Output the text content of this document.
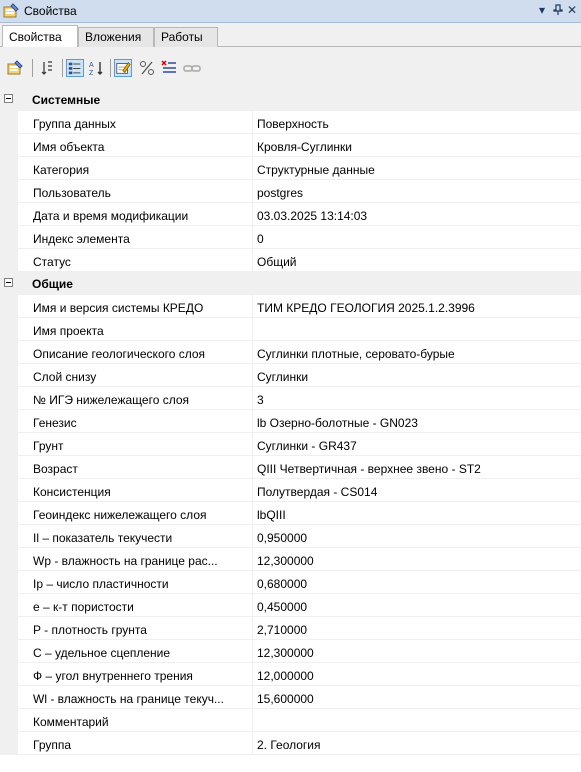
Свойства	▾ ✕
Свойства	Вложения	Работы
A
Z
Системные
Группа данных	Поверхность
Имя объекта	Кровля-Суглинки
Категория	Структурные данные
Пользователь	postgres
Дата и время модификации	03.03.2025 13:14:03
Индекс элемента	0
Статус	Общий
Общие
Имя и версия системы КРЕДО	ТИМ КРЕДО ГЕОЛОГИЯ 2025.1.2.3996
Имя проекта
Описание геологического слоя	Суглинки плотные, серовато-бурые
Слой снизу	Суглинки
№ ИГЭ нижележащего слоя	3
Генезис	lb Озерно-болотные - GN023
Грунт	Суглинки - GR437
Возраст	QIII Четвертичная - верхнее звено - ST2
Консистенция	Полутвердая - CS014
Геоиндекс нижележащего слоя	lbQIII
Il – показатель текучести	0,950000
Wp - влажность на границе рас...	12,300000
Ip – число пластичности	0,680000
e – к-т пористости	0,450000
P - плотность грунта	2,710000
C – удельное сцепление	12,300000
Ф – угол внутреннего трения	12,000000
Wl - влажность на границе текуч...	15,600000
Комментарий
Группа	2. Геология
